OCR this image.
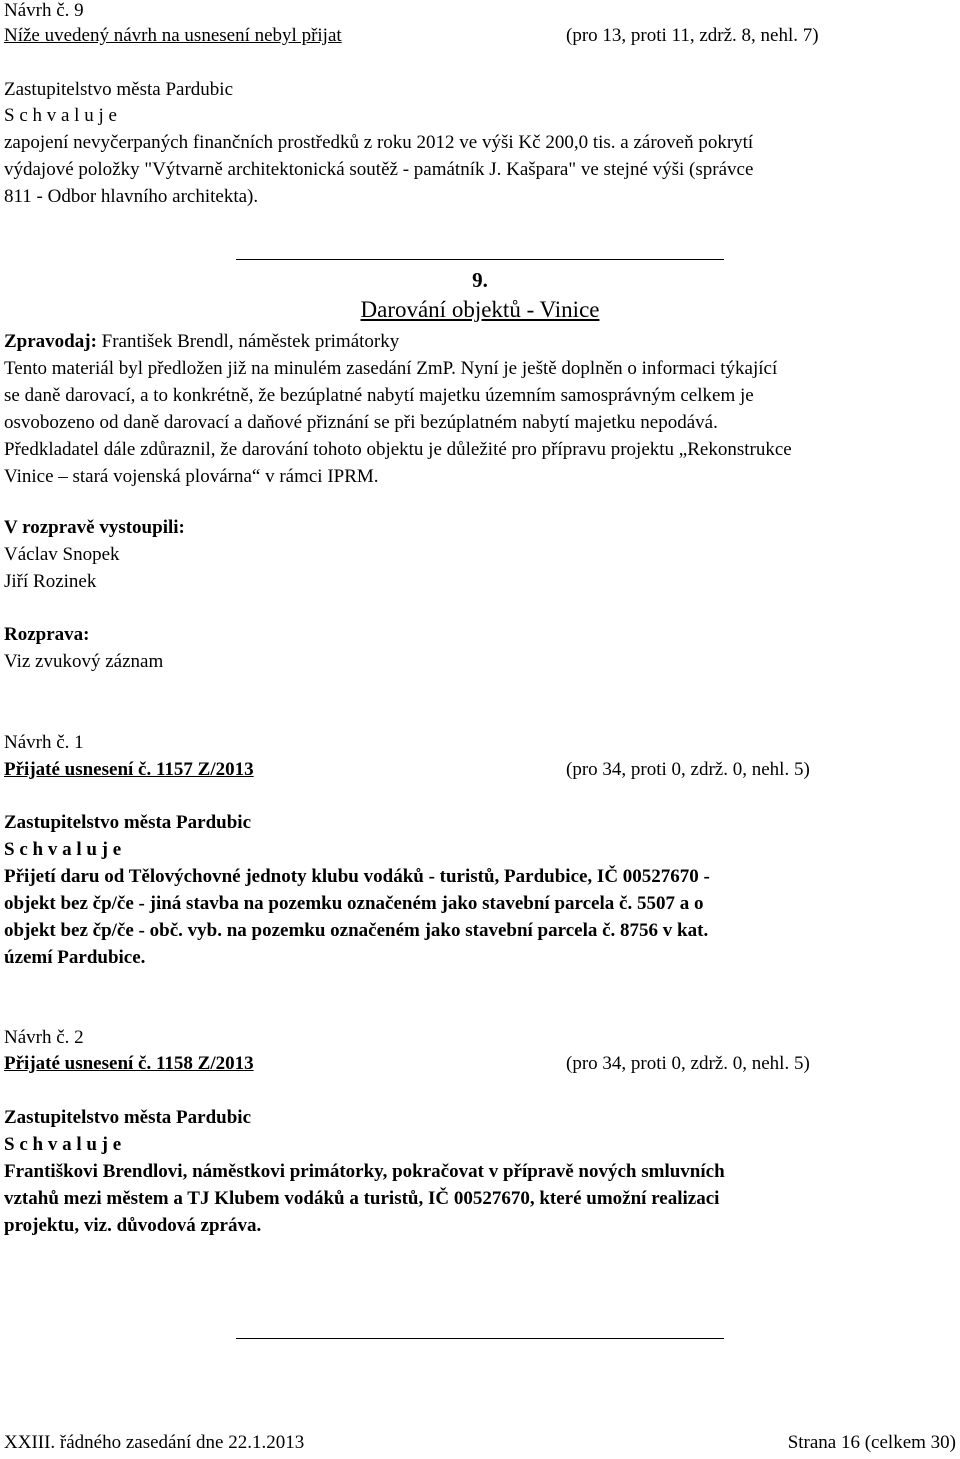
Návrh č. 9
Níže uvedený návrh na usnesení nebyl přijat	(pro 13, proti 11, zdrž. 8, nehl. 7)
Zastupitelstvo města Pardubic
S c h v a l u j e
zapojení nevyčerpaných finančních prostředků z roku 2012 ve výši Kč 200,0 tis. a zároveň pokrytí
výdajové položky "Výtvarně architektonická soutěž - památník J. Kašpara" ve stejné výši (správce
811 - Odbor hlavního architekta).
9.
Darování objektů - Vinice
Zpravodaj: František Brendl, náměstek primátorky
Tento materiál byl předložen již na minulém zasedání ZmP. Nyní je ještě doplněn o informaci týkající
se daně darovací, a to konkrétně, že bezúplatné nabytí majetku územním samosprávným celkem je
osvobozeno od daně darovací a daňové přiznání se při bezúplatném nabytí majetku nepodává.
Předkladatel dále zdůraznil, že darování tohoto objektu je důležité pro přípravu projektu „Rekonstrukce
Vinice – stará vojenská plovárna“ v rámci IPRM.
V rozpravě vystoupili:
Václav Snopek
Jiří Rozinek
Rozprava:
Viz zvukový záznam
Návrh č. 1
Přijaté usnesení č. 1157 Z/2013	(pro 34, proti 0, zdrž. 0, nehl. 5)
Zastupitelstvo města Pardubic
S c h v a l u j e
Přijetí daru od Tělovýchovné jednoty klubu vodáků - turistů, Pardubice, IČ 00527670 -
objekt bez čp/če - jiná stavba na pozemku označeném jako stavební parcela č. 5507 a o
objekt bez čp/če - obč. vyb. na pozemku označeném jako stavební parcela č. 8756 v kat.
území Pardubice.
Návrh č. 2
Přijaté usnesení č. 1158 Z/2013	(pro 34, proti 0, zdrž. 0, nehl. 5)
Zastupitelstvo města Pardubic
S c h v a l u j e
Františkovi Brendlovi, náměstkovi primátorky, pokračovat v přípravě nových smluvních
vztahů mezi městem a TJ Klubem vodáků a turistů, IČ 00527670, které umožní realizaci
projektu, viz. důvodová zpráva.
XXIII. řádného zasedání dne 22.1.2013	Strana 16 (celkem 30)
